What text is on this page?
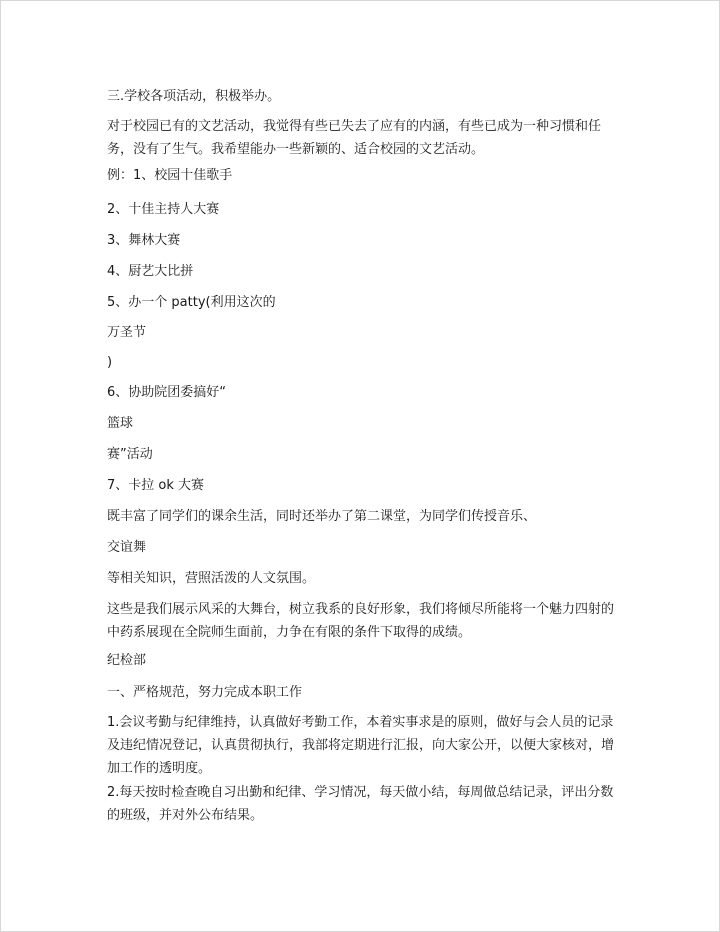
三.学校各项活动，积极举办。
对于校园已有的文艺活动，我觉得有些已失去了应有的内涵，有些已成为一种习惯和任务，没有了生气。我希望能办一些新颖的、适合校园的文艺活动。
例：1、校园十佳歌手
2、十佳主持人大赛
3、舞林大赛
4、厨艺大比拼
5、办一个 patty(利用这次的
万圣节
)
6、协助院团委搞好“
篮球
赛”活动
7、卡拉 ok 大赛
既丰富了同学们的课余生活，同时还举办了第二课堂，为同学们传授音乐、
交谊舞
等相关知识，营照活泼的人文氛围。
这些是我们展示风采的大舞台，树立我系的良好形象，我们将倾尽所能将一个魅力四射的中药系展现在全院师生面前，力争在有限的条件下取得的成绩。
纪检部
一、严格规范，努力完成本职工作
1.会议考勤与纪律维持，认真做好考勤工作，本着实事求是的原则，做好与会人员的记录及违纪情况登记，认真贯彻执行，我部将定期进行汇报，向大家公开，以便大家核对，增加工作的透明度。
2.每天按时检查晚自习出勤和纪律、学习情况，每天做小结，每周做总结记录，评出分数的班级，并对外公布结果。
